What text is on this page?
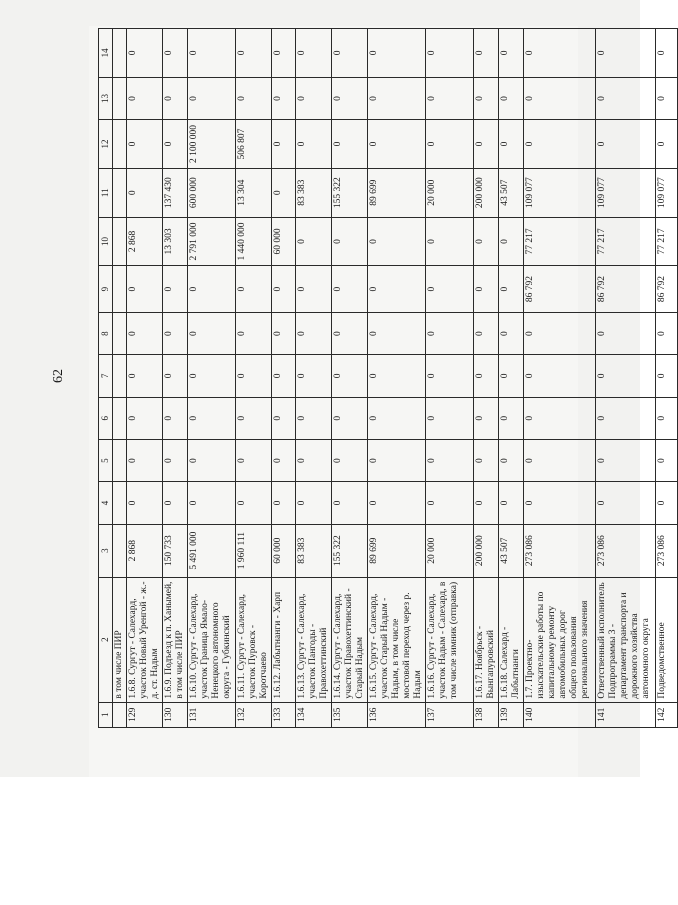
62
1	2	3	4	5	6	7	8	9	10	11	12	13	14
	в том числе ПИР												
129	1.6.8. Сургут - Салехард, участок Новый Уренгой - ж.-д. ст. Надым	2 868	0	0	0	0	0	0	2 868	0	0	0	0
130	1.6.9. Подъезд к п. Ханымей, в том числе ПИР	150 733	0	0	0	0	0	0	13 303	137 430	0	0	0
131	1.6.10. Сургут - Салехард, участок Граница Ямало-Ненецкого автономного округа - Губкинский	5 491 000	0	0	0	0	0	0	2 791 000	600 000	2 100 000	0	0
132	1.6.11. Сургут - Салехард, участок Пуровск - Коротчаево	1 960 111	0	0	0	0	0	0	1 440 000	13 304	506 807	0	0
133	1.6.12. Лабытнанги - Харп	60 000	0	0	0	0	0	0	60 000	0	0	0	0
134	1.6.13. Сургут - Салехард, участок Пангоды - Правохеттинский	83 383	0	0	0	0	0	0	0	83 383	0	0	0
135	1.6.14. Сургут - Салехард, участок Правохеттинский - Старый Надым	155 322	0	0	0	0	0	0	0	155 322	0	0	0
136	1.6.15. Сургут - Салехард, участок Старый Надым - Надым, в том числе мостовой переход через р. Надым	89 699	0	0	0	0	0	0	0	89 699	0	0	0
137	1.6.16. Сургут - Салехард, участок Надым - Салехард, в том числе зимник (отправка)	20 000	0	0	0	0	0	0	0	20 000	0	0	0
138	1.6.17. Ноябрьск - Вынгапуровский	200 000	0	0	0	0	0	0	0	200 000	0	0	0
139	1.6.18. Салехард - Лабытнанги	43 507	0	0	0	0	0	0	0	43 507	0	0	0
140	1.7. Проектно-изыскательские работы по капитальному ремонту автомобильных дорог общего пользования регионального значения	273 086	0	0	0	0	0	86 792	77 217	109 077	0	0	0
141	Ответственный исполнитель Подпрограммы 3 - департамент транспорта и дорожного хозяйства автономного округа	273 086	0	0	0	0	0	86 792	77 217	109 077	0	0	0
142	Подведомственное	273 086	0	0	0	0	0	86 792	77 217	109 077	0	0	0
